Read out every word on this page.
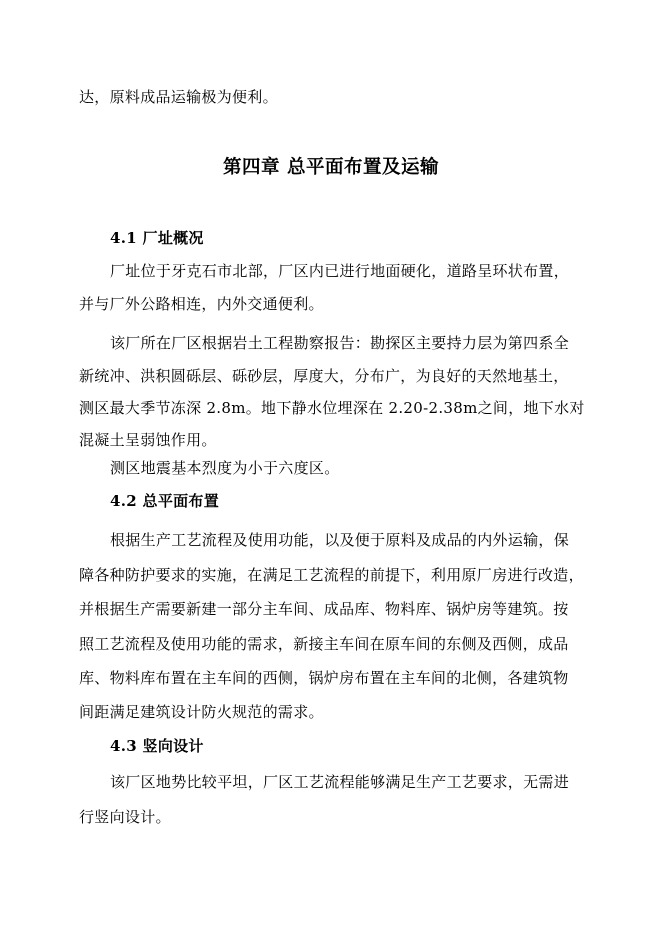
达，原料成品运输极为便利。
第四章 总平面布置及运输
4.1 厂址概况
厂址位于牙克石市北部，厂区内已进行地面硬化，道路呈环状布置，
并与厂外公路相连，内外交通便利。
该厂所在厂区根据岩土工程勘察报告：勘探区主要持力层为第四系全
新统冲、洪积圆砾层、砾砂层，厚度大，分布广，为良好的天然地基土，
测区最大季节冻深 2.8m。地下静水位埋深在 2.20-2.38m之间，地下水对
混凝土呈弱蚀作用。
测区地震基本烈度为小于六度区。
4.2 总平面布置
根据生产工艺流程及使用功能，以及便于原料及成品的内外运输，保
障各种防护要求的实施，在满足工艺流程的前提下，利用原厂房进行改造，
并根据生产需要新建一部分主车间、成品库、物料库、锅炉房等建筑。按
照工艺流程及使用功能的需求，新接主车间在原车间的东侧及西侧，成品
库、物料库布置在主车间的西侧，锅炉房布置在主车间的北侧，各建筑物
间距满足建筑设计防火规范的需求。
4.3 竖向设计
该厂区地势比较平坦，厂区工艺流程能够满足生产工艺要求，无需进
行竖向设计。
